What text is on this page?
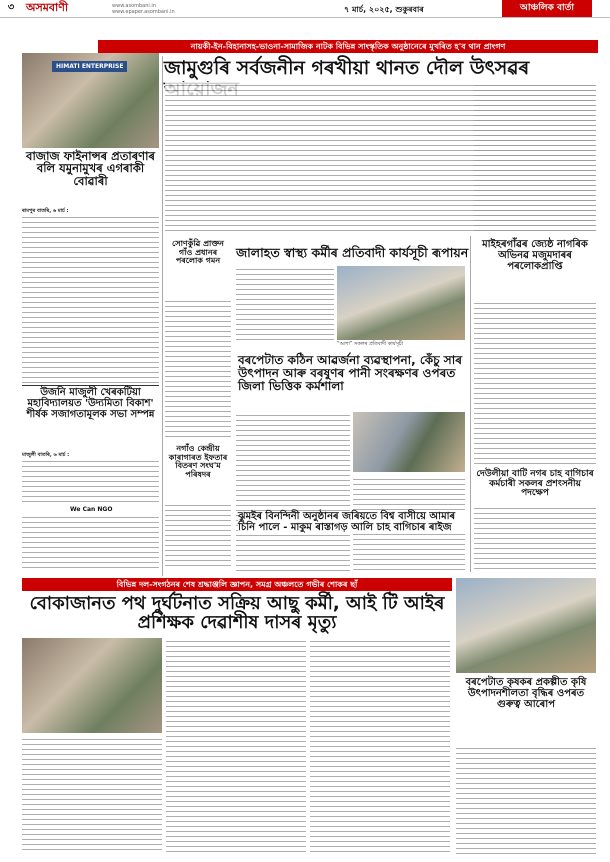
৩	অসমবাণী	www.asombani.in
www.epaper.asombani.in	৭ মাৰ্চ, ২০২৫, শুকুৰবাৰ	আঞ্চলিক বাৰ্তা
নায়কী-ইন-বিহানাসহ-ভাওনা-সামাজিক নাটক বিভিন্ন সাংস্কৃতিক অনুষ্ঠানেৰে মুখৰিত হ'ব থান প্ৰাংগণ
জামুগুৰি সৰ্বজনীন গৰখীয়া থানত দৌল উৎসৱৰ
HIMATI ENTERPRISE
বাজাজ ফাইনান্সৰ প্ৰতাৰণাৰ বলি যমুনামুখৰ এগৰাকী বোৱাৰী
ৰামপুৰ বাতৰি, ৬ মাৰ্চ :
উজনি মাজুলী খেৰকটিয়া মহাবিদ্যালয়ত 'উদ্যমিতা বিকাশ' শীৰ্ষক সজাগতামূলক সভা সম্পন্ন
মাজুলী বাতৰি, ৬ মাৰ্চ :
We Can NGO
সোণকুঁৱি প্ৰাক্তন গাঁও প্ৰধানৰ পৰলোক গমন
নগাঁও কেন্দ্ৰীয় কাৰাগাৰত ইফতাৰ বিতৰণ সংঘ'ম পৰিষদৰ
জালাহত স্বাস্থ্য কৰ্মীৰ প্ৰতিবাদী কাৰ্যসূচী ৰূপায়ন
“আশা” সকলৰ প্ৰতিবাদী কাৰ্যসূচী
বৰপেটাত কঠিন আৱৰ্জনা ব্যৱস্থাপনা, কেঁচু সাৰ উৎপাদন আৰু বৰষুণৰ পানী সংৰক্ষণৰ ওপৰত জিলা ভিত্তিক কৰ্মশালা
মাইহৰগাঁৱৰ জ্যেষ্ঠ নাগৰিক অভিনৱ মজুমদাৰৰ পৰলোকপ্ৰাপ্তি
দেউলীয়া বাটি নগৰ চাহ বাগিচাৰ কৰ্মচাৰী সকলৰ প্ৰশংসনীয় পদক্ষেপ
ঝুমইৰ বিনন্দিনী অনুষ্ঠানৰ জৰিয়তে বিশ্ব বাসীয়ে আমাৰ চিনি পালে - মাকুম ৰাস্তাগড় আলি চাহ বাগিচাৰ ৰাইজ
বিভিন্ন দল-সংগঠনৰ শেষ শ্ৰদ্ধাঞ্জলি জ্ঞাপন, সমগ্ৰ অঞ্চলতে গভীৰ শোকৰ ছাঁ
বোকাজানত পথ দুৰ্ঘটনাত সক্ৰিয় আছু কৰ্মী, আই টি আইৰ প্ৰশিক্ষক দেৱাশীষ দাসৰ মৃত্যু
বৰপেটাত কৃষকৰ প্ৰকল্পীত কৃষি উৎপাদনশীলতা বৃদ্ধিৰ ওপৰত গুৰুত্ব আৰোপ
